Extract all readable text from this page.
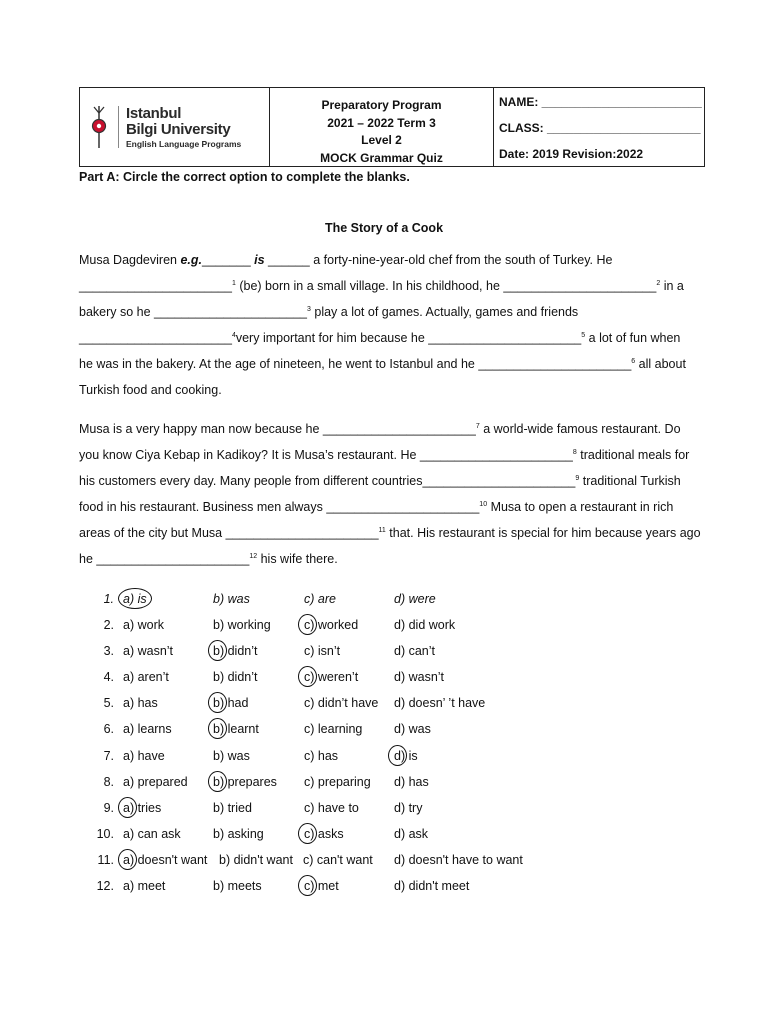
Istanbul
Bilgi University
English Language Programs
Preparatory Program
2021 – 2022 Term 3
Level 2
MOCK Grammar Quiz
NAME: ________________________
CLASS: _______________________
Date: 2019 Revision:2022
Part A: Circle the correct option to complete the blanks.
The Story of a Cook
Musa Dagdeviren e.g._______ is ______ a forty-nine-year-old chef from the south of Turkey. He
______________________$^1$ (be) born in a small village. In his childhood, he ______________________$^2$ in a
bakery so he ______________________$^3$ play a lot of games. Actually, games and friends
______________________$^4$very important for him because he ______________________$^5$ a lot of fun when
he was in the bakery. At the age of nineteen, he went to Istanbul and he ______________________$^6$ all about
Turkish food and cooking.
Musa is a very happy man now because he ______________________$^7$ a world-wide famous restaurant. Do
you know Ciya Kebap in Kadikoy? It is Musa’s restaurant. He ______________________$^8$ traditional meals for
his customers every day. Many people from different countries______________________$^9$ traditional Turkish
food in his restaurant. Business men always ______________________$^{10}$ Musa to open a restaurant in rich
areas of the city but Musa ______________________$^{11}$ that. His restaurant is special for him because years ago
he ______________________$^{12}$ his wife there.
1. a) is	b) was	c) are	d) were
2. a) work	b) working	c) worked	d) did work
3. a) wasn’t	b) didn’t	c) isn’t	d) can’t
4. a) aren’t	b) didn’t	c) weren’t	d) wasn’t
5. a) has	b) had	c) didn’t have d) doesn’ ’t have
6. a) learns	b) learnt	c) learning	d) was
7. a) have	b) was	c) has	d) is
8. a) prepared b) prepares c) preparing d) has
9. a) tries	b) tried	c) have to	d) try
10. a) can ask	b) asking	c) asks	d) ask
11. a) doesn't want b) didn't want c) can't want d) doesn't have to want
12. a) meet	b) meets	c) met	d) didn't meet
